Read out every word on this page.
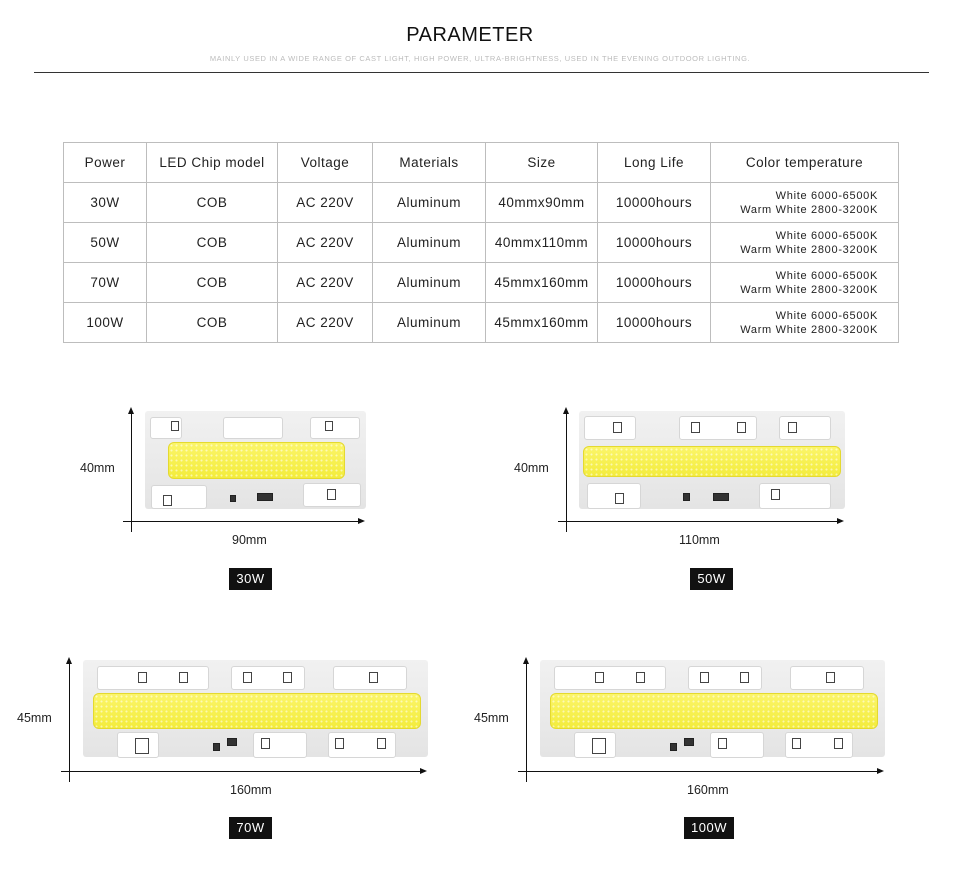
PARAMETER
MAINLY USED IN A WIDE RANGE OF CAST LIGHT, HIGH POWER, ULTRA-BRIGHTNESS, USED IN THE EVENING OUTDOOR LIGHTING.
Power	LED Chip model	Voltage	Materials	Size	Long Life	Color temperature
30W	COB	AC 220V	Aluminum	40mmx90mm	10000hours	White 6000-6500K
Warm White 2800-3200K

50W	COB	AC 220V	Aluminum	40mmx110mm	10000hours	White 6000-6500K
Warm White 2800-3200K

70W	COB	AC 220V	Aluminum	45mmx160mm	10000hours	White 6000-6500K
Warm White 2800-3200K

100W	COB	AC 220V	Aluminum	45mmx160mm	10000hours	White 6000-6500K
Warm White 2800-3200K
40mm
90mm
30W
40mm
110mm
50W
45mm
160mm
70W
45mm
160mm
100W
